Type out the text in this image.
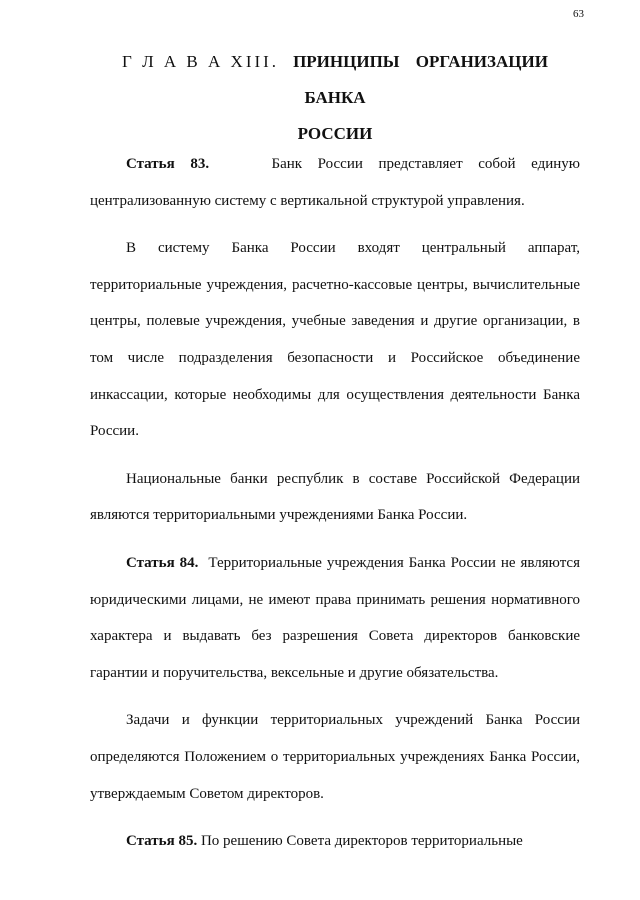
63
Г Л А В А XIII. ПРИНЦИПЫ ОРГАНИЗАЦИИ БАНКА
РОССИИ

Статья 83.	Банк России представляет собой единую централизованную систему с вертикальной структурой управления.

В систему Банка России входят центральный аппарат, территориальные учреждения, расчетно-кассовые центры, вычислительные центры, полевые учреждения, учебные заведения и другие организации, в том числе подразделения безопасности и Российское объединение инкассации, которые необходимы для осуществления деятельности Банка России.

Национальные банки республик в составе Российской Федерации являются территориальными учреждениями Банка России.

Статья 84. Территориальные учреждения Банка России не являются юридическими лицами, не имеют права принимать решения нормативного характера и выдавать без разрешения Совета директоров банковские гарантии и поручительства, вексельные и другие обязательства.

Задачи и функции территориальных учреждений Банка России определяются Положением о территориальных учреждениях Банка России, утверждаемым Советом директоров.

Статья 85. По решению Совета директоров территориальные
